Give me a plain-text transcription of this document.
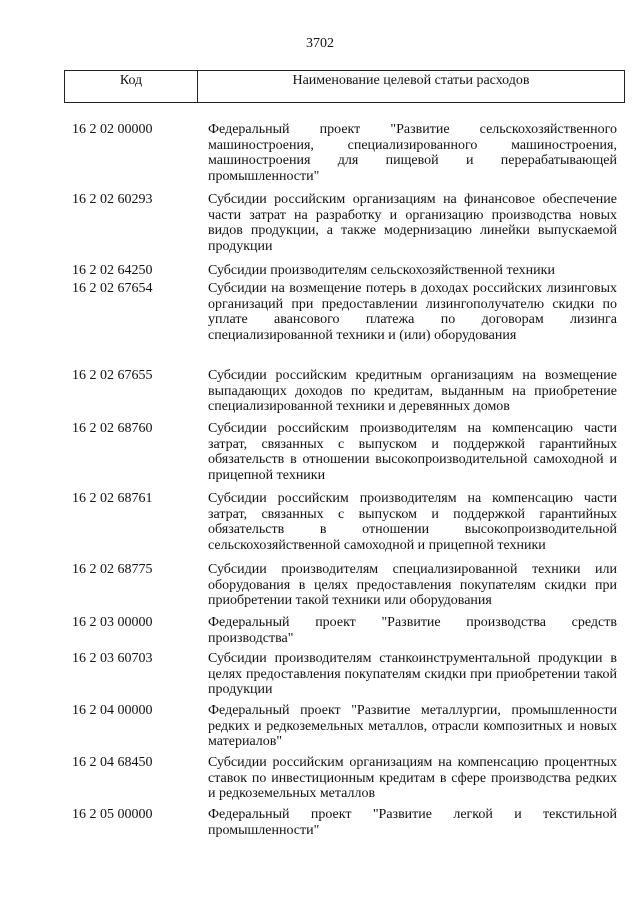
3702
Код	Наименование целевой статьи расходов
16 2 02 00000	Федеральный проект "Развитие сельскохозяйственного машиностроения, специализированного машиностроения, машиностроения для пищевой и перерабатывающей промышленности"
16 2 02 60293	Субсидии российским организациям на финансовое обеспечение части затрат на разработку и организацию производства новых видов продукции, а также модернизацию линейки выпускаемой продукции
16 2 02 64250	Субсидии производителям сельскохозяйственной техники
16 2 02 67654	Субсидии на возмещение потерь в доходах российских лизинговых организаций при предоставлении лизингополучателю скидки по уплате авансового платежа по договорам лизинга специализированной техники и (или) оборудования
16 2 02 67655	Субсидии российским кредитным организациям на возмещение выпадающих доходов по кредитам, выданным на приобретение специализированной техники и деревянных домов
16 2 02 68760	Субсидии российским производителям на компенсацию части затрат, связанных с выпуском и поддержкой гарантийных обязательств в отношении высокопроизводительной самоходной и прицепной техники
16 2 02 68761	Субсидии российским производителям на компенсацию части затрат, связанных с выпуском и поддержкой гарантийных обязательств в отношении высокопроизводительной сельскохозяйственной самоходной и прицепной техники
16 2 02 68775	Субсидии производителям специализированной техники или оборудования в целях предоставления покупателям скидки при приобретении такой техники или оборудования
16 2 03 00000	Федеральный проект "Развитие производства средств производства"
16 2 03 60703	Субсидии производителям станкоинструментальной продукции в целях предоставления покупателям скидки при приобретении такой продукции
16 2 04 00000	Федеральный проект "Развитие металлургии, промышленности редких и редкоземельных металлов, отрасли композитных и новых материалов"
16 2 04 68450	Субсидии российским организациям на компенсацию процентных ставок по инвестиционным кредитам в сфере производства редких и редкоземельных металлов
16 2 05 00000	Федеральный проект "Развитие легкой и текстильной промышленности"
